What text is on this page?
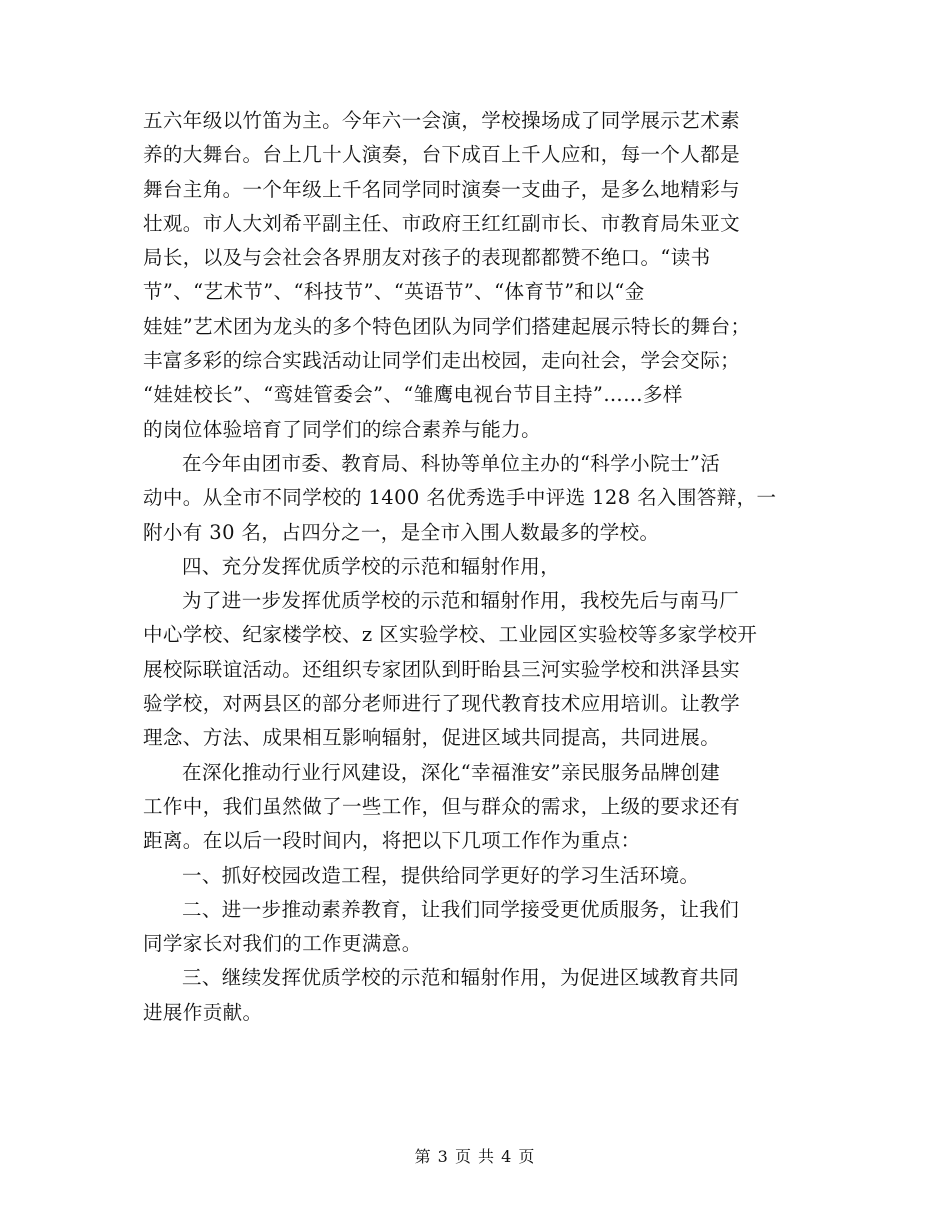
五六年级以竹笛为主。今年六一会演，学校操场成了同学展示艺术素
养的大舞台。台上几十人演奏，台下成百上千人应和，每一个人都是
舞台主角。一个年级上千名同学同时演奏一支曲子，是多么地精彩与
壮观。市人大刘希平副主任、市政府王红红副市长、市教育局朱亚文
局长，以及与会社会各界朋友对孩子的表现都都赞不绝口。“读书
节”、“艺术节”、“科技节”、“英语节”、“体育节”和以“金
娃娃”艺术团为龙头的多个特色团队为同学们搭建起展示特长的舞台；
丰富多彩的综合实践活动让同学们走出校园，走向社会，学会交际；
“娃娃校长”、“鸾娃管委会”、“雏鹰电视台节目主持”……多样
的岗位体验培育了同学们的综合素养与能力。

在今年由团市委、教育局、科协等单位主办的“科学小院士”活
动中。从全市不同学校的 1400 名优秀选手中评选 128 名入围答辩，一
附小有 30 名，占四分之一，是全市入围人数最多的学校。

四、充分发挥优质学校的示范和辐射作用，

为了进一步发挥优质学校的示范和辐射作用，我校先后与南马厂
中心学校、纪家楼学校、z 区实验学校、工业园区实验校等多家学校开
展校际联谊活动。还组织专家团队到盱眙县三河实验学校和洪泽县实
验学校，对两县区的部分老师进行了现代教育技术应用培训。让教学
理念、方法、成果相互影响辐射，促进区域共同提高，共同进展。

在深化推动行业行风建设，深化“幸福淮安”亲民服务品牌创建
工作中，我们虽然做了一些工作，但与群众的需求，上级的要求还有
距离。在以后一段时间内，将把以下几项工作作为重点：

一、抓好校园改造工程，提供给同学更好的学习生活环境。

二、进一步推动素养教育，让我们同学接受更优质服务，让我们
同学家长对我们的工作更满意。

三、继续发挥优质学校的示范和辐射作用，为促进区域教育共同
进展作贡献。

第 3 页 共 4 页
